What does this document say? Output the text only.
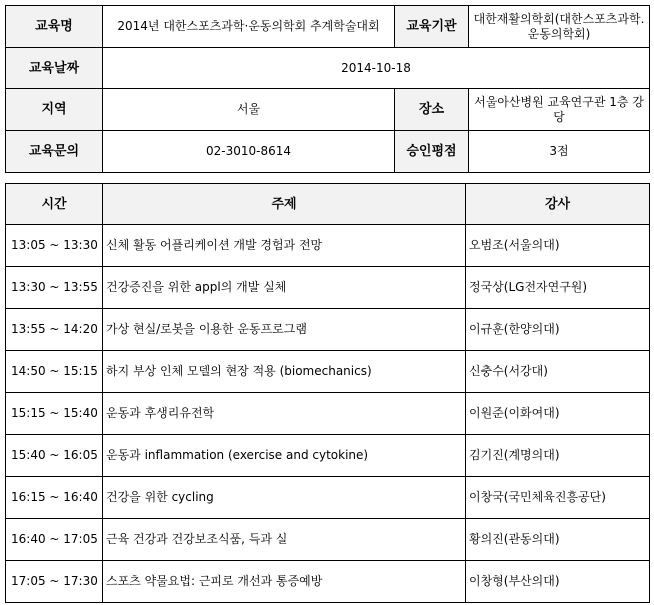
교육명	2014년 대한스포츠과학·운동의학회 추계학술대회	교육기관	대한재활의학회(대한스포츠과학.운동의학회)
교육날짜	2014-10-18		
지역	서울	장소	서울아산병원 교육연구관 1층 강당
교육문의	02-3010-8614	승인평점	3점
시간	주제	강사
13:05 ~ 13:30	신체 활동 어플리케이션 개발 경험과 전망	오범조(서울의대)
13:30 ~ 13:55	건강증진을 위한 appl의 개발 실체	정국상(LG전자연구원)
13:55 ~ 14:20	가상 현실/로봇을 이용한 운동프로그램	이규훈(한양의대)
14:50 ~ 15:15	하지 부상 인체 모델의 현장 적용 (biomechanics)	신충수(서강대)
15:15 ~ 15:40	운동과 후생리유전학	이원준(이화여대)
15:40 ~ 16:05	운동과 inflammation (exercise and cytokine)	김기진(계명의대)
16:15 ~ 16:40	건강을 위한 cycling	이창국(국민체육진흥공단)
16:40 ~ 17:05	근육 건강과 건강보조식품, 득과 실	황의진(관동의대)
17:05 ~ 17:30	스포츠 약물요법: 근피로 개선과 통증예방	이창형(부산의대)
